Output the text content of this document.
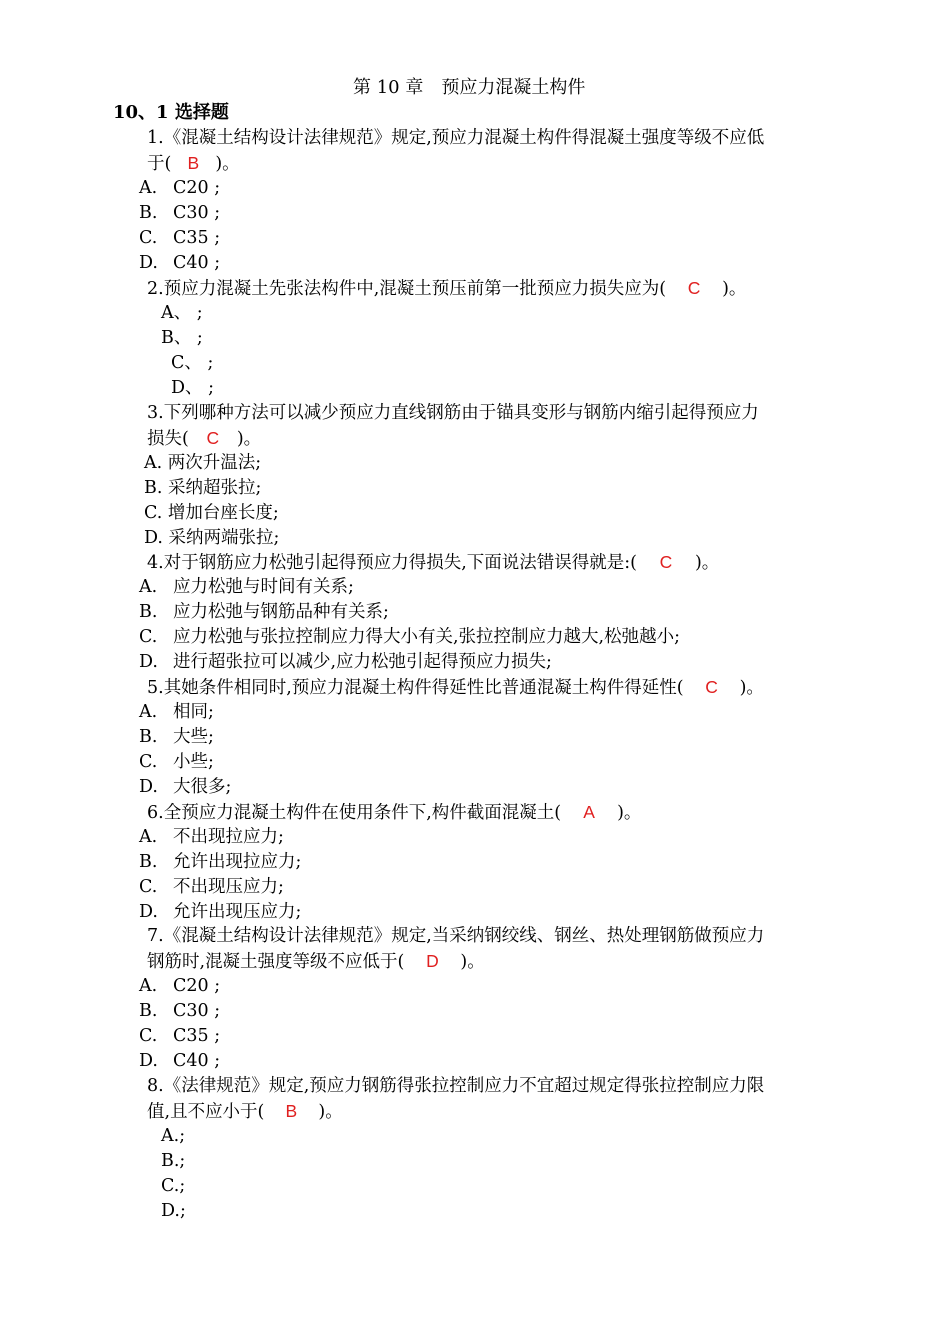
第 10 章　预应力混凝土构件
10、1 选择题
1.《混凝土结构设计法律规范》规定,预应力混凝土构件得混凝土强度等级不应低
于( B )。
A. C20 ;
B. C30 ;
C. C35 ;
D. C40 ;
2.预应力混凝土先张法构件中,混凝土预压前第一批预应力损失应为( C )。
A、 ;
B、 ;
C、 ;
D、 ;
3.下列哪种方法可以减少预应力直线钢筋由于锚具变形与钢筋内缩引起得预应力
损失( C )。
A. 两次升温法;
B. 采纳超张拉;
C. 增加台座长度;
D. 采纳两端张拉;
4.对于钢筋应力松弛引起得预应力得损失,下面说法错误得就是:( C )。
A. 应力松弛与时间有关系;
B. 应力松弛与钢筋品种有关系;
C. 应力松弛与张拉控制应力得大小有关,张拉控制应力越大,松弛越小;
D. 进行超张拉可以减少,应力松弛引起得预应力损失;
5.其她条件相同时,预应力混凝土构件得延性比普通混凝土构件得延性( C )。
A. 相同;
B. 大些;
C. 小些;
D. 大很多;
6.全预应力混凝土构件在使用条件下,构件截面混凝土( A )。
A. 不出现拉应力;
B. 允许出现拉应力;
C. 不出现压应力;
D. 允许出现压应力;
7.《混凝土结构设计法律规范》规定,当采纳钢绞线、钢丝、热处理钢筋做预应力
钢筋时,混凝土强度等级不应低于( D )。
A. C20 ;
B. C30 ;
C. C35 ;
D. C40 ;
8.《法律规范》规定,预应力钢筋得张拉控制应力不宜超过规定得张拉控制应力限
值,且不应小于( B )。
A.;
B.;
C.;
D.;
